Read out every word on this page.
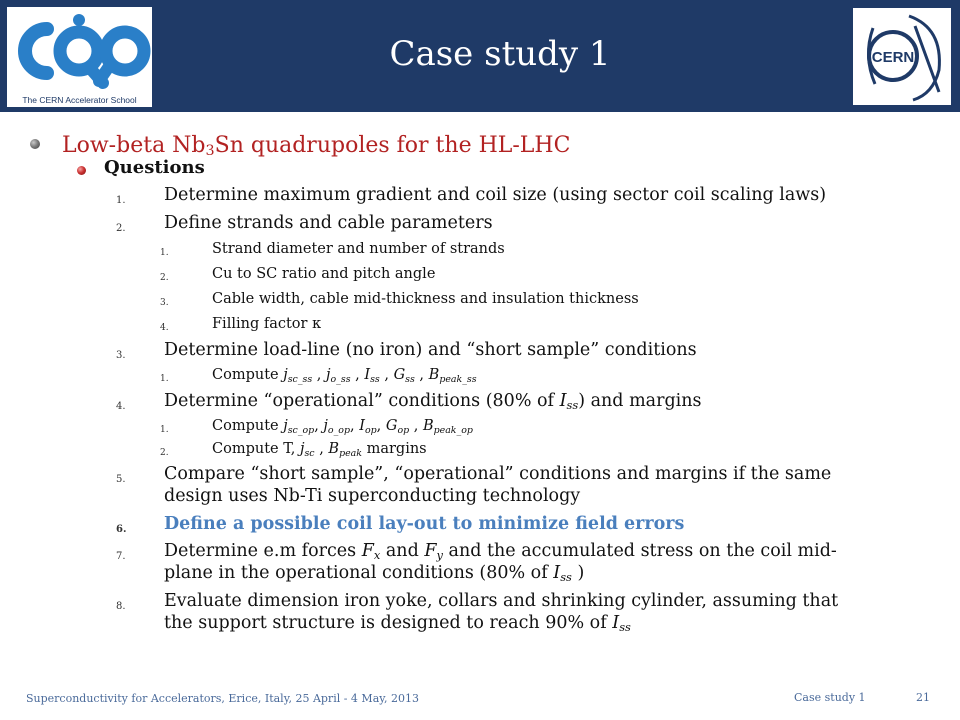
The CERN Accelerator School
Case study 1	CERN
Low-beta $Nb_3Sn$ quadrupoles for the HL-LHC
Questions
1. Determine maximum gradient and coil size (using sector coil scaling laws)
2. Define strands and cable parameters
1.	Strand diameter and number of strands
2.	Cu to SC ratio and pitch angle
3.	Cable width, cable mid-thickness and insulation thickness
4.	Filling factor κ
3. Determine load-line (no iron) and “short sample” conditions
1.	Compute $j_{sc\_ss}$ , $j_{o\_ss}$ , $I_{ss}$ , $G_{ss}$ , $B_{peak\_ss}$
4. Determine “operational” conditions (80% of $I_{ss}$) and margins
1.	Compute $j_{sc\_op}$, $j_{o\_op}$, $I_{op}$, $G_{op}$ , $B_{peak\_op}$
2.	Compute T, $j_{sc}$ , $B_{peak}$ margins
5. Compare “short sample”, “operational” conditions and margins if the same
design uses Nb-Ti superconducting technology
6. Define a possible coil lay-out to minimize field errors
7. Determine e.m forces $F_x$ and $F_y$ and the accumulated stress on the coil mid-
plane in the operational conditions (80% of $I_{ss}$ )
8. Evaluate dimension iron yoke, collars and shrinking cylinder, assuming that
the support structure is designed to reach 90% of $I_{ss}$
Superconductivity for Accelerators, Erice, Italy, 25 April - 4 May, 2013	Case study 1	21
